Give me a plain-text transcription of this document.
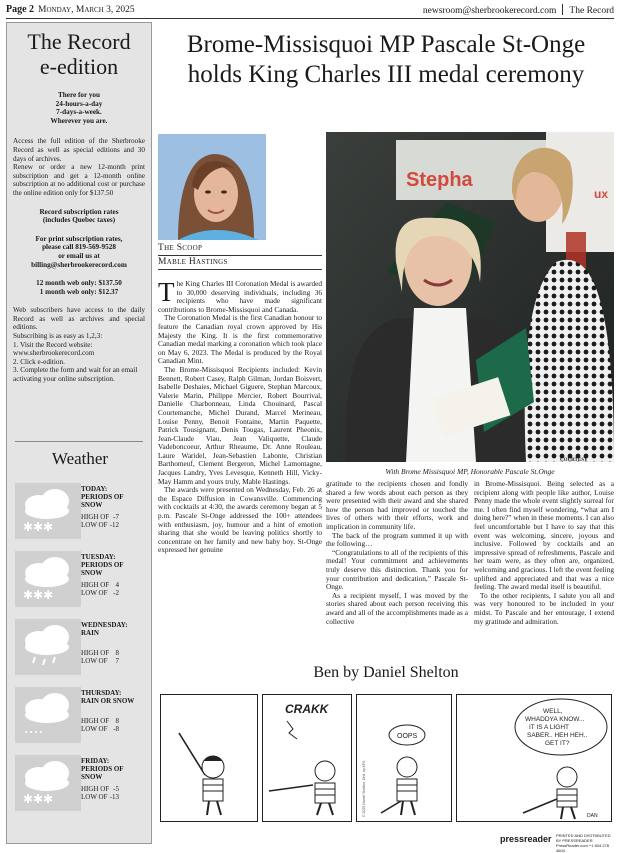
Page 2 Monday, March 3, 2025	newsroom@sherbrookerecord.com The Record
The Record
e-edition
There for you
24-hours-a-day
7-days-a-week.
Wherever you are.

Access the full edition of the Sherbrooke Record as well as special editions and 30 days of archives.

Renew or order a new 12-month print subscription and get a 12-month online subscription at no additional cost or purchase the online edition only for $137.50

Record subscription rates
(includes Quebec taxes)
For print subscription rates,
please call 819-569-9528
or email us at
billing@sherbrookerecord.com
12 month web only: $137.50
1 month web only: $12.37

Web subscribers have access to the daily Record as well as archives and special editions.

Subscribing is as easy as 1,2,3:
1. Visit the Record website: www.sherbrookerecord.com
2. Click e-edition.
3. Complete the form and wait for an email activating your online subscription.

Weather
✱✱✱
TODAY:
PERIODS OF SNOW
HIGH OF -7
LOW OF -12
✱✱✱
TUESDAY:
PERIODS OF SNOW
HIGH OF 4
LOW OF -2
WEDNESDAY:
RAIN
HIGH OF 8
LOW OF 7
• • • •
THURSDAY:
RAIN OR SNOW
HIGH OF 8
LOW OF -8
✱✱✱
FRIDAY:
PERIODS OF SNOW
HIGH OF -5
LOW OF -13
Brome-Missisquoi MP Pascale St-Onge holds King Charles III medal ceremony
The Scoop
Mable Hastings
Stepha
ux
COURTESY
With Brome Missisquoi MP, Honorable Pascale St.Onge

The King Charles III Coronation Medal is awarded to 30,000 deserving individuals, including 36 recipients who have made significant contributions to Brome-Missisquoi and Canada.

The Coronation Medal is the first Canadian honour to feature the Canadian royal crown approved by His Majesty the King. It is the first commemorative Canadian medal marking a coronation which took place on May 6, 2023. The Medal is produced by the Royal Canadian Mint.

The Brome-Missisquoi Recipients included: Kevin Bennett, Robert Casey, Ralph Gilman, Jordan Boisvert, Isabelle Deshaies, Michael Giguere, Stephan Marcoux, Valerie Marin, Philippe Mercier, Robert Bourrival, Danielle Charbonneau, Linda Chouinard, Pascal Courtemanche, Michel Durand, Marcel Merineau, Louise Penny, Benoit Fontaine, Martin Paquette, Patrick Tousignant, Denis Tougas, Laurent Pheonix, Jean-Claude Viau, Jean Valiquette, Claude Vadeboncoeur, Arthur Rheaume, Dr. Anne Rouleau, Laure Waridel, Jean-Sebastien Labonte, Christian Barthomeuf, Clement Bergeron, Michel Lamontagne, Jacques Landry, Yves Levesque, Kenneth Hill, Vicky-May Hamm and yours truly, Mable Hastings.

The awards were presented on Wednesday, Feb. 26 at the Espace Diffusion in Cowansville. Commencing with cocktails at 4:30, the awards ceremony began at 5 p.m. Pascale St-Onge addressed the 100+ attendees with enthusiasm, joy, humour and a hint of emotion sharing that she would be leaving politics shortly to concentrate on her family and new baby boy. St-Onge expressed her genuine

gratitude to the recipients chosen and fondly shared a few words about each person as they were presented with their award and she shared how the person had improved or touched the lives of others with their efforts, work and implication in community life.

The back of the program summed it up with the following…

“Congratulations to all of the recipients of this medal! Your commitment and achievements truly deserve this distinction. Thank you for your contribution and dedication,” Pascale St-Onge.

As a recipient myself, I was moved by the stories shared about each person receiving this award and all of the accomplishments made as a collective

in Brome-Missisquoi. Being selected as a recipient along with people like author, Louise Penny made the whole event slightly surreal for me. I often find myself wondering, “what am I doing here?” when in these moments. I can also feel uncomfortable but I have to say that this event was welcoming, sincere, joyous and inclusive. Followed by cocktails and an impressive spread of refreshments, Pascale and her team were, as they often are, organized, welcoming and gracious. I left the event feeling uplifted and appreciated and that was a nice feeling. The award medal itself is beautiful.

To the other recipients, I salute you all and was very honoured to be included in your midst. To Pascale and her entourage, I extend my gratitude and admiration.

Ben by Daniel Shelton
CRAKK
OOPS
© 2025 Daniel Shelton, Dist. by KFS
WELL,
WHADDYA KNOW...
IT IS A LIGHT
SABER.. HEH HEH..
GET IT?
DAN
pressreader PRINTED AND DISTRIBUTED BY PRESSREADER
PressReader.com +1 604 278 4604
